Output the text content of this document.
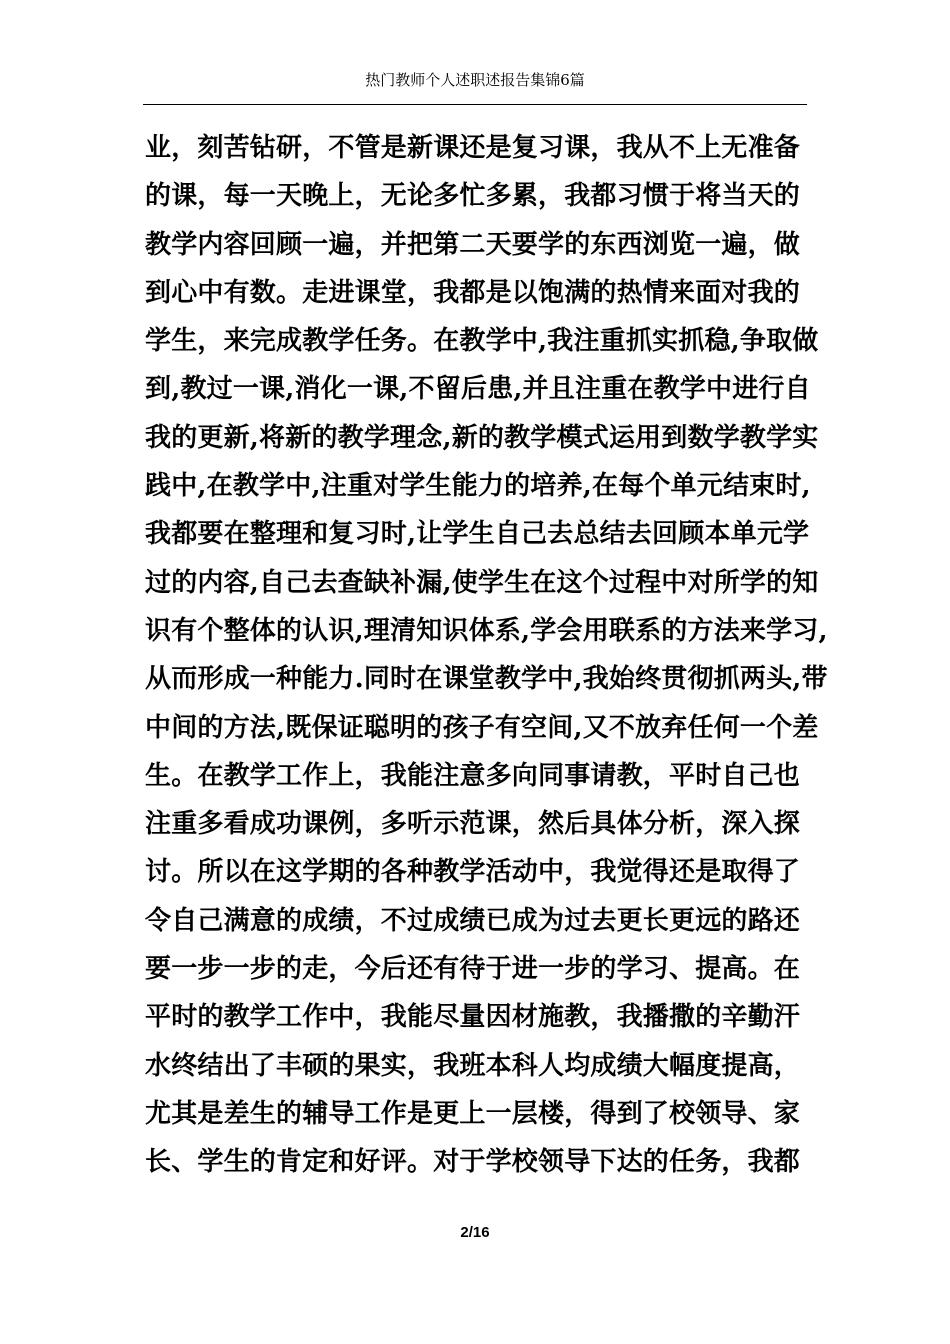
热门教师个人述职述报告集锦6篇
业，刻苦钻研，不管是新课还是复习课，我从不上无准备
的课，每一天晚上，无论多忙多累，我都习惯于将当天的
教学内容回顾一遍，并把第二天要学的东西浏览一遍，做
到心中有数。走进课堂，我都是以饱满的热情来面对我的
学生，来完成教学任务。在教学中,我注重抓实抓稳,争取做
到,教过一课,消化一课,不留后患,并且注重在教学中进行自
我的更新,将新的教学理念,新的教学模式运用到数学教学实
践中,在教学中,注重对学生能力的培养,在每个单元结束时,
我都要在整理和复习时,让学生自己去总结去回顾本单元学
过的内容,自己去查缺补漏,使学生在这个过程中对所学的知
识有个整体的认识,理清知识体系,学会用联系的方法来学习,
从而形成一种能力.同时在课堂教学中,我始终贯彻抓两头,带
中间的方法,既保证聪明的孩子有空间,又不放弃任何一个差
生。在教学工作上，我能注意多向同事请教，平时自己也
注重多看成功课例，多听示范课，然后具体分析，深入探
讨。所以在这学期的各种教学活动中，我觉得还是取得了
令自己满意的成绩，不过成绩已成为过去更长更远的路还
要一步一步的走，今后还有待于进一步的学习、提高。在
平时的教学工作中，我能尽量因材施教，我播撒的辛勤汗
水终结出了丰硕的果实，我班本科人均成绩大幅度提高，
尤其是差生的辅导工作是更上一层楼，得到了校领导、家
长、学生的肯定和好评。对于学校领导下达的任务，我都
2/16
